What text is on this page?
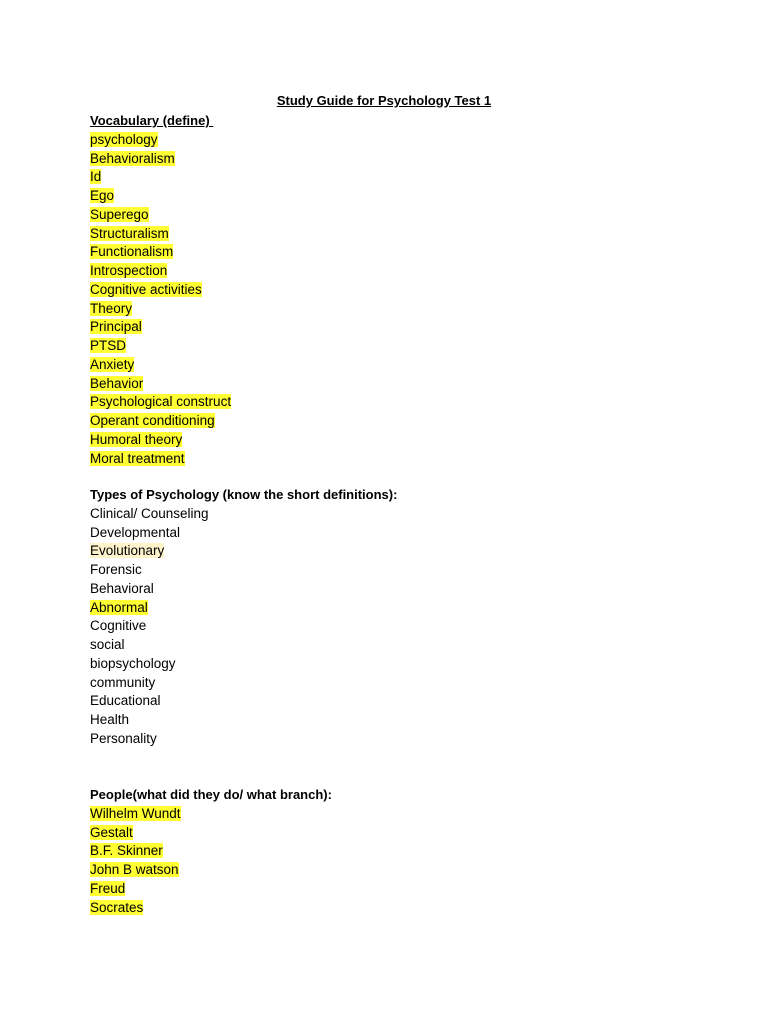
Study Guide for Psychology Test 1
Vocabulary (define)
psychology
Behavioralism
Id
Ego
Superego
Structuralism
Functionalism
Introspection
Cognitive activities
Theory
Principal
PTSD
Anxiety
Behavior
Psychological construct
Operant conditioning
Humoral theory
Moral treatment
Types of Psychology (know the short definitions):
Clinical/ Counseling
Developmental
Evolutionary
Forensic
Behavioral
Abnormal
Cognitive
social
biopsychology
community
Educational
Health
Personality
People(what did they do/ what branch):
Wilhelm Wundt
Gestalt
B.F. Skinner
John B watson
Freud
Socrates
